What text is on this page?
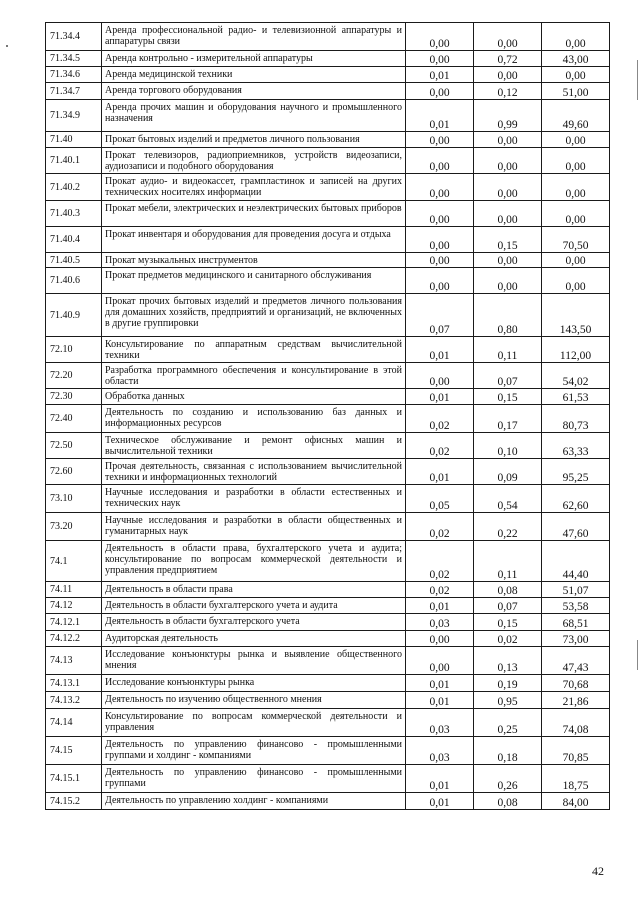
71.34.4	Аренда профессиональной радио- и телевизионной аппаратуры и аппаратуры связи	0,00	0,00	0,00
71.34.5	Аренда контрольно - измерительной аппаратуры	0,00	0,72	43,00
71.34.6	Аренда медицинской техники	0,01	0,00	0,00
71.34.7	Аренда торгового оборудования	0,00	0,12	51,00
71.34.9	Аренда прочих машин и оборудования научного и промышленного назначения	0,01	0,99	49,60
71.40	Прокат бытовых изделий и предметов личного пользования	0,00	0,00	0,00
71.40.1	Прокат телевизоров, радиоприемников, устройств видеозаписи, аудиозаписи и подобного оборудования	0,00	0,00	0,00
71.40.2	Прокат аудио- и видеокассет, грампластинок и записей на других технических носителях информации	0,00	0,00	0,00
71.40.3	Прокат мебели, электрических и неэлектрических бытовых приборов	0,00	0,00	0,00
71.40.4	Прокат инвентаря и оборудования для проведения досуга и отдыха	0,00	0,15	70,50
71.40.5	Прокат музыкальных инструментов	0,00	0,00	0,00
71.40.6	Прокат предметов медицинского и санитарного обслуживания	0,00	0,00	0,00
71.40.9	Прокат прочих бытовых изделий и предметов личного пользования для домашних хозяйств, предприятий и организаций, не включенных в другие группировки	0,07	0,80	143,50
72.10	Консультирование по аппаратным средствам вычислительной техники	0,01	0,11	112,00
72.20	Разработка программного обеспечения и консультирование в этой области	0,00	0,07	54,02
72.30	Обработка данных	0,01	0,15	61,53
72.40	Деятельность по созданию и использованию баз данных и информационных ресурсов	0,02	0,17	80,73
72.50	Техническое обслуживание и ремонт офисных машин и вычислительной техники	0,02	0,10	63,33
72.60	Прочая деятельность, связанная с использованием вычислительной техники и информационных технологий	0,01	0,09	95,25
73.10	Научные исследования и разработки в области естественных и технических наук	0,05	0,54	62,60
73.20	Научные исследования и разработки в области общественных и гуманитарных наук	0,02	0,22	47,60
74.1	Деятельность в области права, бухгалтерского учета и аудита; консультирование по вопросам коммерческой деятельности и управления предприятием	0,02	0,11	44,40
74.11	Деятельность в области права	0,02	0,08	51,07
74.12	Деятельность в области бухгалтерского учета и аудита	0,01	0,07	53,58
74.12.1	Деятельность в области бухгалтерского учета	0,03	0,15	68,51
74.12.2	Аудиторская деятельность	0,00	0,02	73,00
74.13	Исследование конъюнктуры рынка и выявление общественного мнения	0,00	0,13	47,43
74.13.1	Исследование конъюнктуры рынка	0,01	0,19	70,68
74.13.2	Деятельность по изучению общественного мнения	0,01	0,95	21,86
74.14	Консультирование по вопросам коммерческой деятельности и управления	0,03	0,25	74,08
74.15	Деятельность по управлению финансово - промышленными группами и холдинг - компаниями	0,03	0,18	70,85
74.15.1	Деятельность по управлению финансово - промышленными группами	0,01	0,26	18,75
74.15.2	Деятельность по управлению холдинг - компаниями	0,01	0,08	84,00
42
